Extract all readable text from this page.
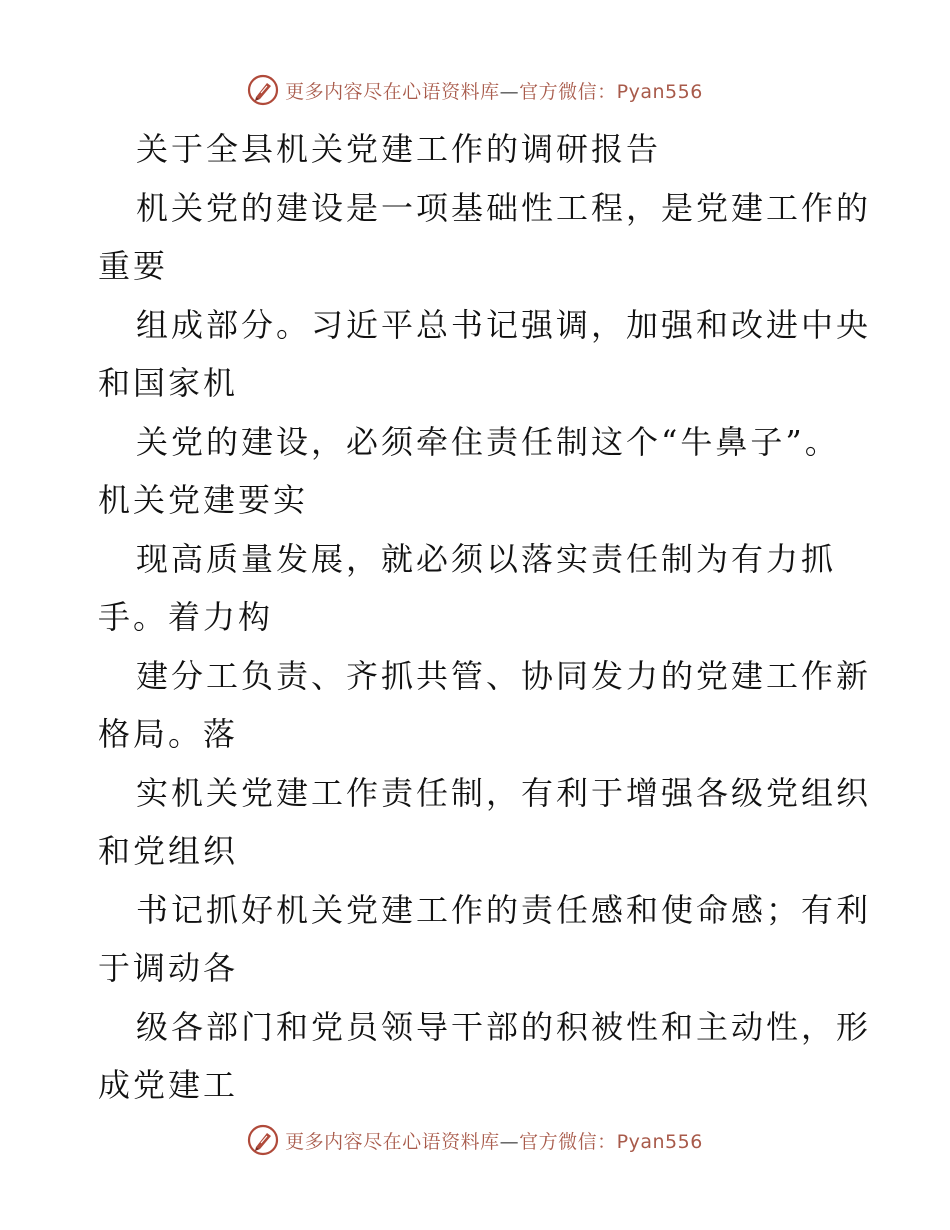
更多内容尽在心语资料库—官方微信：Pyan556
关于全县机关党建工作的调研报告
机关党的建设是一项基础性工程，是党建工作的
重要
组成部分。习近平总书记强调，加强和改进中央
和国家机
关党的建设，必须牵住责任制这个“牛鼻子”。
机关党建要实
现高质量发展，就必须以落实责任制为有力抓
手。着力构
建分工负责、齐抓共管、协同发力的党建工作新
格局。落
实机关党建工作责任制，有利于增强各级党组织
和党组织
书记抓好机关党建工作的责任感和使命感；有利
于调动各
级各部门和党员领导干部的积被性和主动性，形
成党建工
更多内容尽在心语资料库—官方微信：Pyan556
